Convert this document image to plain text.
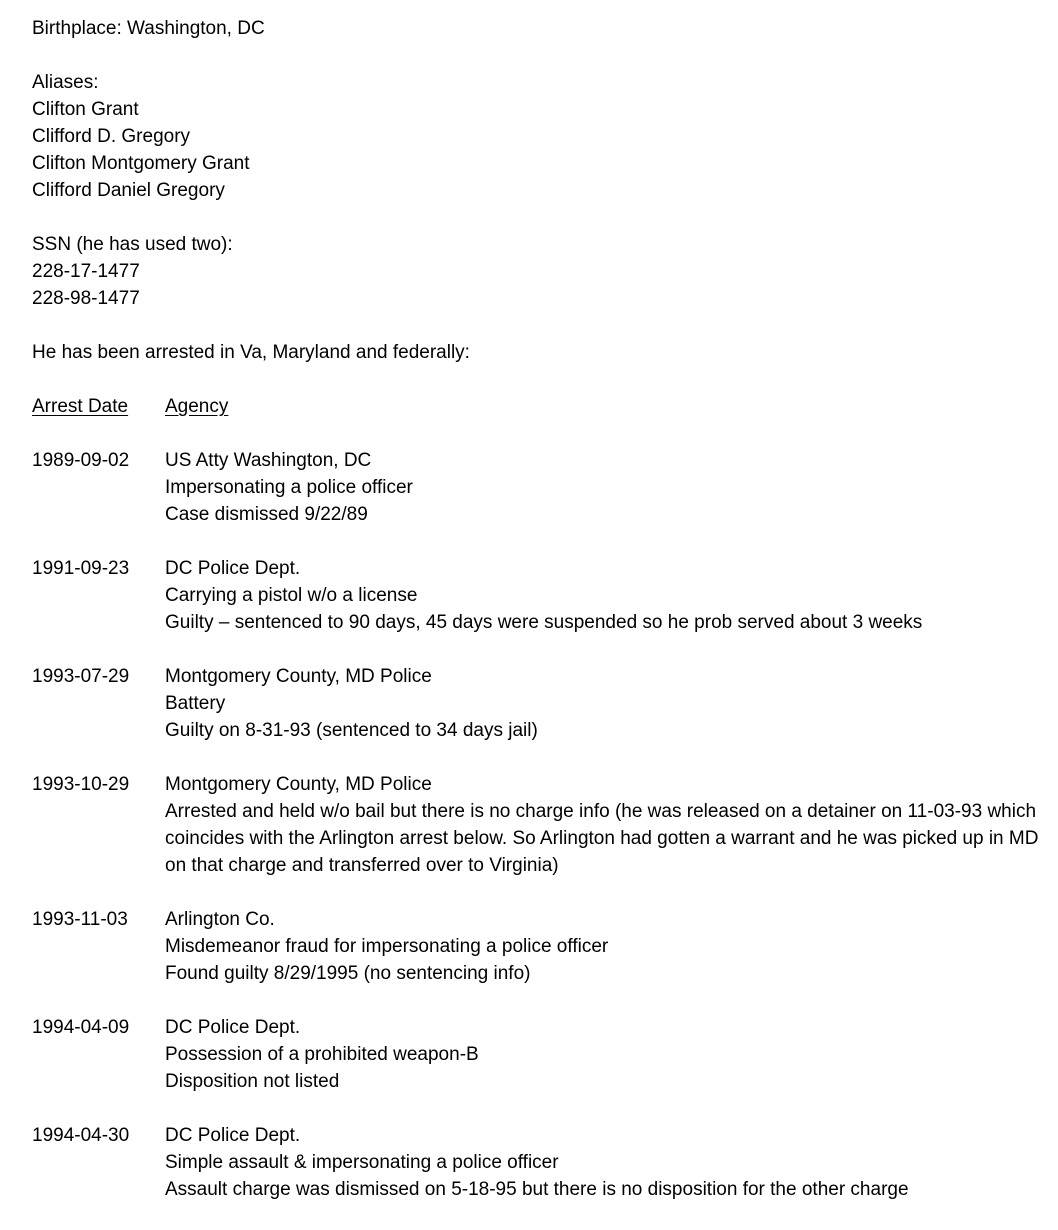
Birthplace: Washington, DC
Aliases:
Clifton Grant
Clifford D. Gregory
Clifton Montgomery Grant
Clifford Daniel Gregory
SSN (he has used two):
228-17-1477
228-98-1477
He has been arrested in Va, Maryland and federally:
Arrest Date	Agency
1989-09-02	US Atty Washington, DC
Impersonating a police officer
Case dismissed 9/22/89
1991-09-23	DC Police Dept.
Carrying a pistol w/o a license
Guilty – sentenced to 90 days, 45 days were suspended so he prob served about 3 weeks
1993-07-29	Montgomery County, MD Police
Battery
Guilty on 8-31-93 (sentenced to 34 days jail)
1993-10-29	Montgomery County, MD Police
Arrested and held w/o bail but there is no charge info (he was released on a detainer on 11-03-93 which coincides with the Arlington arrest below. So Arlington had gotten a warrant and he was picked up in MD on that charge and transferred over to Virginia)
1993-11-03	Arlington Co.
Misdemeanor fraud for impersonating a police officer
Found guilty 8/29/1995 (no sentencing info)
1994-04-09	DC Police Dept.
Possession of a prohibited weapon-B
Disposition not listed
1994-04-30	DC Police Dept.
Simple assault & impersonating a police officer
Assault charge was dismissed on 5-18-95 but there is no disposition for the other charge
